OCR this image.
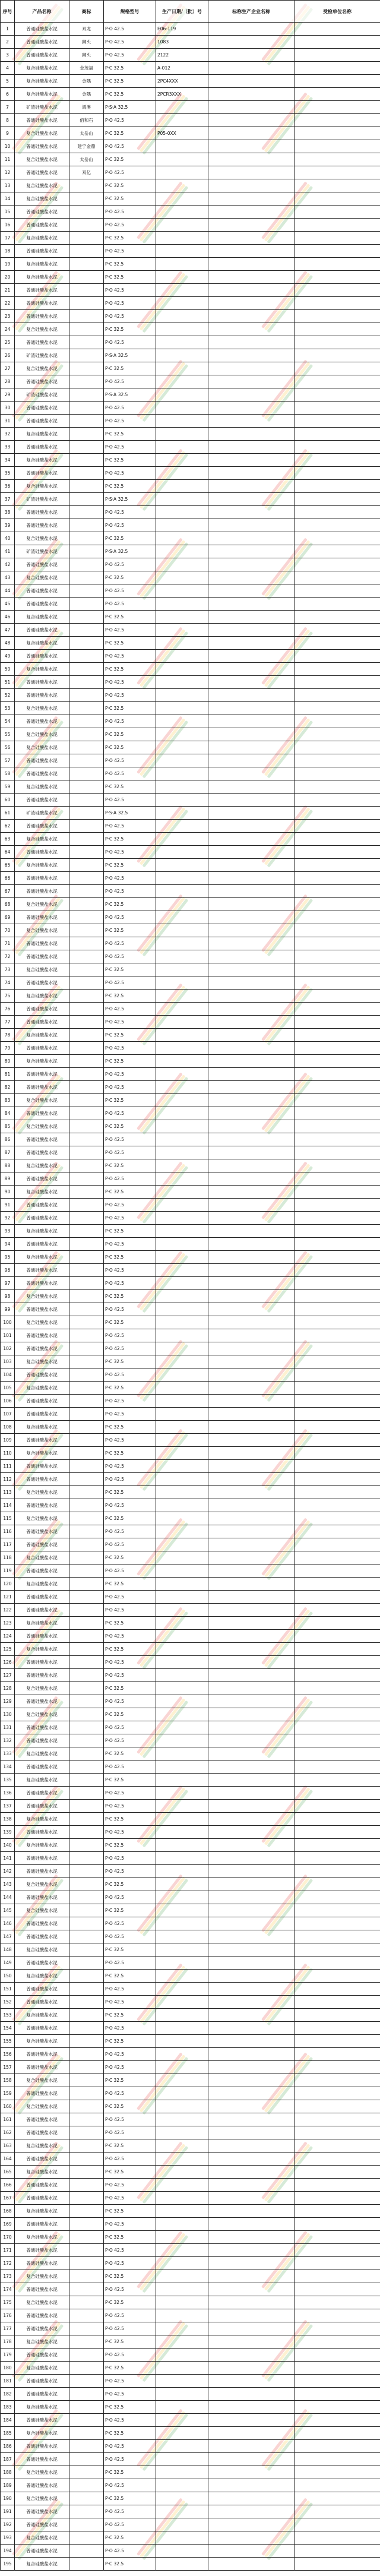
序号	产品名称	商标	规格型号	生产日期/（批）号	标称生产企业名称	受检单位名称
1	普通硅酸盐水泥	双龙	P·O 42.5	E06-119		
2	普通硅酸盐水泥	狮头	P·O 42.5	1083		
3	普通硅酸盐水泥	狮头	P·O 42.5	2122		
4	复合硅酸盐水泥	金茂福	P·C 32.5	A-012		
5	复合硅酸盐水泥	金隅	P·C 32.5	2PC4XXX		
6	复合硅酸盐水泥	金隅	P·C 32.5	2PCR3XXX		
7	矿渣硅酸盐水泥	鸿澳	P·S·A 32.5			
8	普通硅酸盐水泥	佰和石	P·O 42.5			
9	复合硅酸盐水泥	太岳山	P·C 32.5	P05-0XX		
10	普通硅酸盐水泥	建宁金鼎	P·O 42.5			
11	复合硅酸盐水泥	太岳山	P·C 32.5			
12	普通硅酸盐水泥	双亿	P·O 42.5			
13	复合硅酸盐水泥		P·C 32.5			
14	复合硅酸盐水泥		P·C 32.5			
15	普通硅酸盐水泥		P·O 42.5			
16	普通硅酸盐水泥		P·O 42.5			
17	复合硅酸盐水泥		P·C 32.5			
18	普通硅酸盐水泥		P·O 42.5			
19	复合硅酸盐水泥		P·C 32.5			
20	复合硅酸盐水泥		P·C 32.5			
21	普通硅酸盐水泥		P·O 42.5			
22	普通硅酸盐水泥		P·O 42.5			
23	普通硅酸盐水泥		P·O 42.5			
24	复合硅酸盐水泥		P·C 32.5			
25	普通硅酸盐水泥		P·O 42.5			
26	矿渣硅酸盐水泥		P·S·A 32.5			
27	复合硅酸盐水泥		P·C 32.5			
28	普通硅酸盐水泥		P·O 42.5			
29	矿渣硅酸盐水泥		P·S·A 32.5			
30	普通硅酸盐水泥		P·O 42.5			
31	普通硅酸盐水泥		P·O 42.5			
32	复合硅酸盐水泥		P·C 32.5			
33	普通硅酸盐水泥		P·O 42.5			
34	复合硅酸盐水泥		P·C 32.5			
35	普通硅酸盐水泥		P·O 42.5			
36	复合硅酸盐水泥		P·C 32.5			
37	矿渣硅酸盐水泥		P·S·A 32.5			
38	普通硅酸盐水泥		P·O 42.5			
39	普通硅酸盐水泥		P·O 42.5			
40	复合硅酸盐水泥		P·C 32.5			
41	矿渣硅酸盐水泥		P·S·A 32.5			
42	普通硅酸盐水泥		P·O 42.5			
43	复合硅酸盐水泥		P·C 32.5			
44	普通硅酸盐水泥		P·O 42.5			
45	普通硅酸盐水泥		P·O 42.5			
46	复合硅酸盐水泥		P·C 32.5			
47	普通硅酸盐水泥		P·O 42.5			
48	复合硅酸盐水泥		P·C 32.5			
49	普通硅酸盐水泥		P·O 42.5			
50	复合硅酸盐水泥		P·C 32.5			
51	普通硅酸盐水泥		P·O 42.5			
52	普通硅酸盐水泥		P·O 42.5			
53	复合硅酸盐水泥		P·C 32.5			
54	普通硅酸盐水泥		P·O 42.5			
55	复合硅酸盐水泥		P·C 32.5			
56	复合硅酸盐水泥		P·C 32.5			
57	普通硅酸盐水泥		P·O 42.5			
58	普通硅酸盐水泥		P·O 42.5			
59	复合硅酸盐水泥		P·C 32.5			
60	普通硅酸盐水泥		P·O 42.5			
61	矿渣硅酸盐水泥		P·S·A 32.5			
62	普通硅酸盐水泥		P·O 42.5			
63	复合硅酸盐水泥		P·C 32.5			
64	普通硅酸盐水泥		P·O 42.5			
65	复合硅酸盐水泥		P·C 32.5			
66	普通硅酸盐水泥		P·O 42.5			
67	普通硅酸盐水泥		P·O 42.5			
68	复合硅酸盐水泥		P·C 32.5			
69	普通硅酸盐水泥		P·O 42.5			
70	复合硅酸盐水泥		P·C 32.5			
71	普通硅酸盐水泥		P·O 42.5			
72	普通硅酸盐水泥		P·O 42.5			
73	复合硅酸盐水泥		P·C 32.5			
74	普通硅酸盐水泥		P·O 42.5			
75	复合硅酸盐水泥		P·C 32.5			
76	普通硅酸盐水泥		P·O 42.5			
77	普通硅酸盐水泥		P·O 42.5			
78	复合硅酸盐水泥		P·C 32.5			
79	普通硅酸盐水泥		P·O 42.5			
80	复合硅酸盐水泥		P·C 32.5			
81	普通硅酸盐水泥		P·O 42.5			
82	普通硅酸盐水泥		P·O 42.5			
83	复合硅酸盐水泥		P·C 32.5			
84	普通硅酸盐水泥		P·O 42.5			
85	复合硅酸盐水泥		P·C 32.5			
86	普通硅酸盐水泥		P·O 42.5			
87	普通硅酸盐水泥		P·O 42.5			
88	复合硅酸盐水泥		P·C 32.5			
89	普通硅酸盐水泥		P·O 42.5			
90	复合硅酸盐水泥		P·C 32.5			
91	普通硅酸盐水泥		P·O 42.5			
92	普通硅酸盐水泥		P·O 42.5			
93	复合硅酸盐水泥		P·C 32.5			
94	普通硅酸盐水泥		P·O 42.5			
95	复合硅酸盐水泥		P·C 32.5			
96	普通硅酸盐水泥		P·O 42.5			
97	普通硅酸盐水泥		P·O 42.5			
98	复合硅酸盐水泥		P·C 32.5			
99	普通硅酸盐水泥		P·O 42.5			
100	复合硅酸盐水泥		P·C 32.5			
101	普通硅酸盐水泥		P·O 42.5			
102	普通硅酸盐水泥		P·O 42.5			
103	复合硅酸盐水泥		P·C 32.5			
104	普通硅酸盐水泥		P·O 42.5			
105	复合硅酸盐水泥		P·C 32.5			
106	普通硅酸盐水泥		P·O 42.5			
107	普通硅酸盐水泥		P·O 42.5			
108	复合硅酸盐水泥		P·C 32.5			
109	普通硅酸盐水泥		P·O 42.5			
110	复合硅酸盐水泥		P·C 32.5			
111	普通硅酸盐水泥		P·O 42.5			
112	普通硅酸盐水泥		P·O 42.5			
113	复合硅酸盐水泥		P·C 32.5			
114	普通硅酸盐水泥		P·O 42.5			
115	复合硅酸盐水泥		P·C 32.5			
116	普通硅酸盐水泥		P·O 42.5			
117	普通硅酸盐水泥		P·O 42.5			
118	复合硅酸盐水泥		P·C 32.5			
119	普通硅酸盐水泥		P·O 42.5			
120	复合硅酸盐水泥		P·C 32.5			
121	普通硅酸盐水泥		P·O 42.5			
122	普通硅酸盐水泥		P·O 42.5			
123	复合硅酸盐水泥		P·C 32.5			
124	普通硅酸盐水泥		P·O 42.5			
125	复合硅酸盐水泥		P·C 32.5			
126	普通硅酸盐水泥		P·O 42.5			
127	普通硅酸盐水泥		P·O 42.5			
128	复合硅酸盐水泥		P·C 32.5			
129	普通硅酸盐水泥		P·O 42.5			
130	复合硅酸盐水泥		P·C 32.5			
131	普通硅酸盐水泥		P·O 42.5			
132	普通硅酸盐水泥		P·O 42.5			
133	复合硅酸盐水泥		P·C 32.5			
134	普通硅酸盐水泥		P·O 42.5			
135	复合硅酸盐水泥		P·C 32.5			
136	普通硅酸盐水泥		P·O 42.5			
137	普通硅酸盐水泥		P·O 42.5			
138	复合硅酸盐水泥		P·C 32.5			
139	普通硅酸盐水泥		P·O 42.5			
140	复合硅酸盐水泥		P·C 32.5			
141	普通硅酸盐水泥		P·O 42.5			
142	普通硅酸盐水泥		P·O 42.5			
143	复合硅酸盐水泥		P·C 32.5			
144	普通硅酸盐水泥		P·O 42.5			
145	复合硅酸盐水泥		P·C 32.5			
146	普通硅酸盐水泥		P·O 42.5			
147	普通硅酸盐水泥		P·O 42.5			
148	复合硅酸盐水泥		P·C 32.5			
149	普通硅酸盐水泥		P·O 42.5			
150	复合硅酸盐水泥		P·C 32.5			
151	普通硅酸盐水泥		P·O 42.5			
152	普通硅酸盐水泥		P·O 42.5			
153	复合硅酸盐水泥		P·C 32.5			
154	普通硅酸盐水泥		P·O 42.5			
155	复合硅酸盐水泥		P·C 32.5			
156	普通硅酸盐水泥		P·O 42.5			
157	普通硅酸盐水泥		P·O 42.5			
158	复合硅酸盐水泥		P·C 32.5			
159	普通硅酸盐水泥		P·O 42.5			
160	复合硅酸盐水泥		P·C 32.5			
161	普通硅酸盐水泥		P·O 42.5			
162	普通硅酸盐水泥		P·O 42.5			
163	复合硅酸盐水泥		P·C 32.5			
164	普通硅酸盐水泥		P·O 42.5			
165	复合硅酸盐水泥		P·C 32.5			
166	普通硅酸盐水泥		P·O 42.5			
167	普通硅酸盐水泥		P·O 42.5			
168	复合硅酸盐水泥		P·C 32.5			
169	普通硅酸盐水泥		P·O 42.5			
170	复合硅酸盐水泥		P·C 32.5			
171	普通硅酸盐水泥		P·O 42.5			
172	普通硅酸盐水泥		P·O 42.5			
173	复合硅酸盐水泥		P·C 32.5			
174	普通硅酸盐水泥		P·O 42.5			
175	复合硅酸盐水泥		P·C 32.5			
176	普通硅酸盐水泥		P·O 42.5			
177	普通硅酸盐水泥		P·O 42.5			
178	复合硅酸盐水泥		P·C 32.5			
179	普通硅酸盐水泥		P·O 42.5			
180	复合硅酸盐水泥		P·C 32.5			
181	普通硅酸盐水泥		P·O 42.5			
182	普通硅酸盐水泥		P·O 42.5			
183	复合硅酸盐水泥		P·C 32.5			
184	普通硅酸盐水泥		P·O 42.5			
185	复合硅酸盐水泥		P·C 32.5			
186	普通硅酸盐水泥		P·O 42.5			
187	普通硅酸盐水泥		P·O 42.5			
188	复合硅酸盐水泥		P·C 32.5			
189	普通硅酸盐水泥		P·O 42.5			
190	复合硅酸盐水泥		P·C 32.5			
191	普通硅酸盐水泥		P·O 42.5			
192	普通硅酸盐水泥		P·O 42.5			
193	复合硅酸盐水泥		P·C 32.5			
194	普通硅酸盐水泥		P·O 42.5			
195	复合硅酸盐水泥		P·C 32.5			
